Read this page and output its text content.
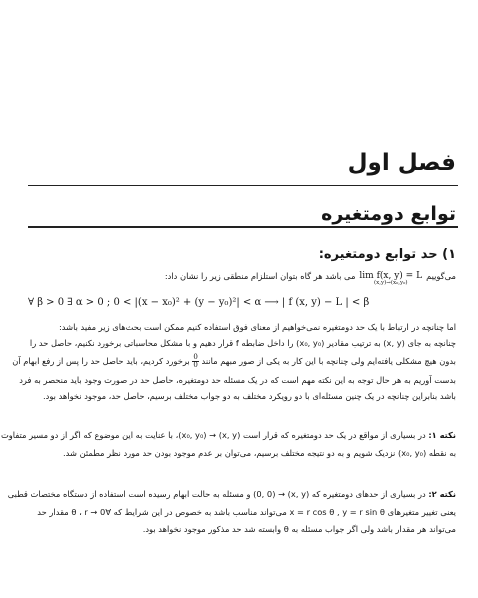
فصل اول
توابع دومتغیره
۱) حد توابع دومتغیره:
می‌گوییم
lim f(x, y) = L
(x,y)→(x₀,y₀)
می باشد هر گاه بتوان استلزام منطقی زیر را نشان داد:
∀ β > 0 ∃ α > 0 ; 0 < |(x − x₀)² + (y − y₀)²| < α ⟶ | f (x, y) − L | < β
اما چنانچه در ارتباط با یک حد دومتغیره نمی‌خواهیم از معنای فوق استفاده کنیم ممکن است بحث‌های زیر مفید باشد:
چنانچه به جای (x, y) به ترتیب مقادیر (x₀, y₀) را داخل ضابطه f قرار دهیم و با مشکل محاسباتی برخورد نکنیم، حاصل حد را
بدون هیچ مشکلی یافته‌ایم ولی چنانچه با این کار به یکی از صور مبهم مانند
$\frac{0}{0}$
برخورد کردیم، باید حاصل حد را پس از رفع ابهام آن
بدست آوریم به هر حال توجه به این نکته مهم است که در یک مسئله حد دومتغیره، حاصل حد در صورت وجود باید منحصر به فرد
باشد بنابراین چنانچه در یک چنین مسئله‌ای با دو رویکرد مختلف به دو جواب مختلف برسیم، حاصل حد، موجود نخواهد بود.
نکته ۱: در بسیاری از مواقع در یک حد دومتغیره که قرار است (x, y) → (x₀, y₀)، با عنایت به این موضوع که اگر از دو مسیر متفاوت
به نقطه (x₀, y₀) نزدیک شویم و به دو نتیجه مختلف برسیم، می‌توان بر عدم موجود بودن حد مورد نظر مطمئن شد.
نکته ۲: در بسیاری از حدهای دومتغیره که (x, y) → (0, 0) و مسئله به حالت ابهام رسیده است استفاده از دستگاه مختصات قطبی
یعنی تغییر متغیرهای x = r cos θ , y = r sin θ می‌تواند مناسب باشد به خصوص در این شرایط که ∀θ ، r → 0 مقدار حد
می‌تواند هر مقدار باشد ولی اگر جواب مسئله به θ وابسته شد حد مذکور موجود نخواهد بود.
